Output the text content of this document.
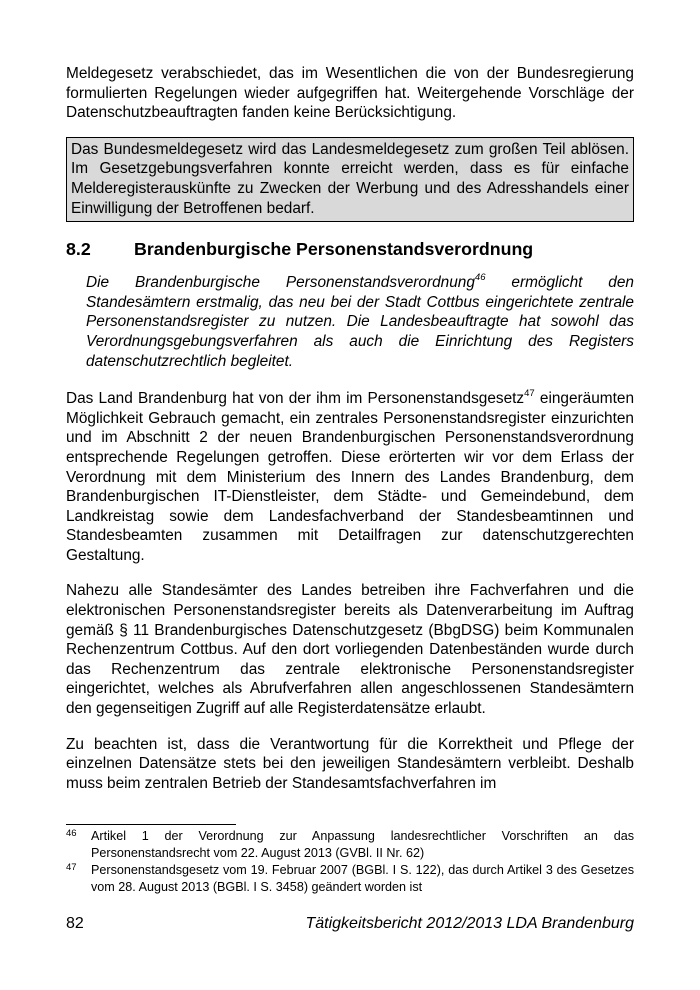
Meldegesetz verabschiedet, das im Wesentlichen die von der Bundesregierung formulierten Regelungen wieder aufgegriffen hat. Weitergehende Vorschläge der Datenschutzbeauftragten fanden keine Berücksichtigung.

Das Bundesmeldegesetz wird das Landesmeldegesetz zum großen Teil ablösen. Im Gesetzgebungsverfahren konnte erreicht werden, dass es für einfache Melderegisterauskünfte zu Zwecken der Werbung und des Adresshandels einer Einwilligung der Betroffenen bedarf.
8.2	Brandenburgische Personenstandsverordnung
Die Brandenburgische Personenstandsverordnung$^{46}$ ermöglicht den Standesämtern erstmalig, das neu bei der Stadt Cottbus eingerichtete zentrale Personenstandsregister zu nutzen. Die Landesbeauftragte hat sowohl das Verordnungsgebungsverfahren als auch die Einrichtung des Registers datenschutzrechtlich begleitet.

Das Land Brandenburg hat von der ihm im Personenstandsgesetz$^{47}$ eingeräumten Möglichkeit Gebrauch gemacht, ein zentrales Personenstandsregister einzurichten und im Abschnitt 2 der neuen Brandenburgischen Personenstandsverordnung entsprechende Regelungen getroffen. Diese erörterten wir vor dem Erlass der Verordnung mit dem Ministerium des Innern des Landes Brandenburg, dem Brandenburgischen IT-Dienstleister, dem Städte- und Gemeindebund, dem Landkreistag sowie dem Landesfachverband der Standesbeamtinnen und Standesbeamten zusammen mit Detailfragen zur datenschutzgerechten Gestaltung.

Nahezu alle Standesämter des Landes betreiben ihre Fachverfahren und die elektronischen Personenstandsregister bereits als Datenverarbeitung im Auftrag gemäß § 11 Brandenburgisches Datenschutzgesetz (BbgDSG) beim Kommunalen Rechenzentrum Cottbus. Auf den dort vorliegenden Datenbeständen wurde durch das Rechenzentrum das zentrale elektronische Personenstandsregister eingerichtet, welches als Abrufverfahren allen angeschlossenen Standesämtern den gegenseitigen Zugriff auf alle Registerdatensätze erlaubt.

Zu beachten ist, dass die Verantwortung für die Korrektheit und Pflege der einzelnen Datensätze stets bei den jeweiligen Standesämtern verbleibt. Deshalb muss beim zentralen Betrieb der Standesamtsfachverfahren im

46	Artikel 1 der Verordnung zur Anpassung landesrechtlicher Vorschriften an das Personenstandsrecht vom 22. August 2013 (GVBl. II Nr. 62)
47	Personenstandsgesetz vom 19. Februar 2007 (BGBl. I S. 122), das durch Artikel 3 des Gesetzes vom 28. August 2013 (BGBl. I S. 3458) geändert worden ist
82	Tätigkeitsbericht 2012/2013 LDA Brandenburg
